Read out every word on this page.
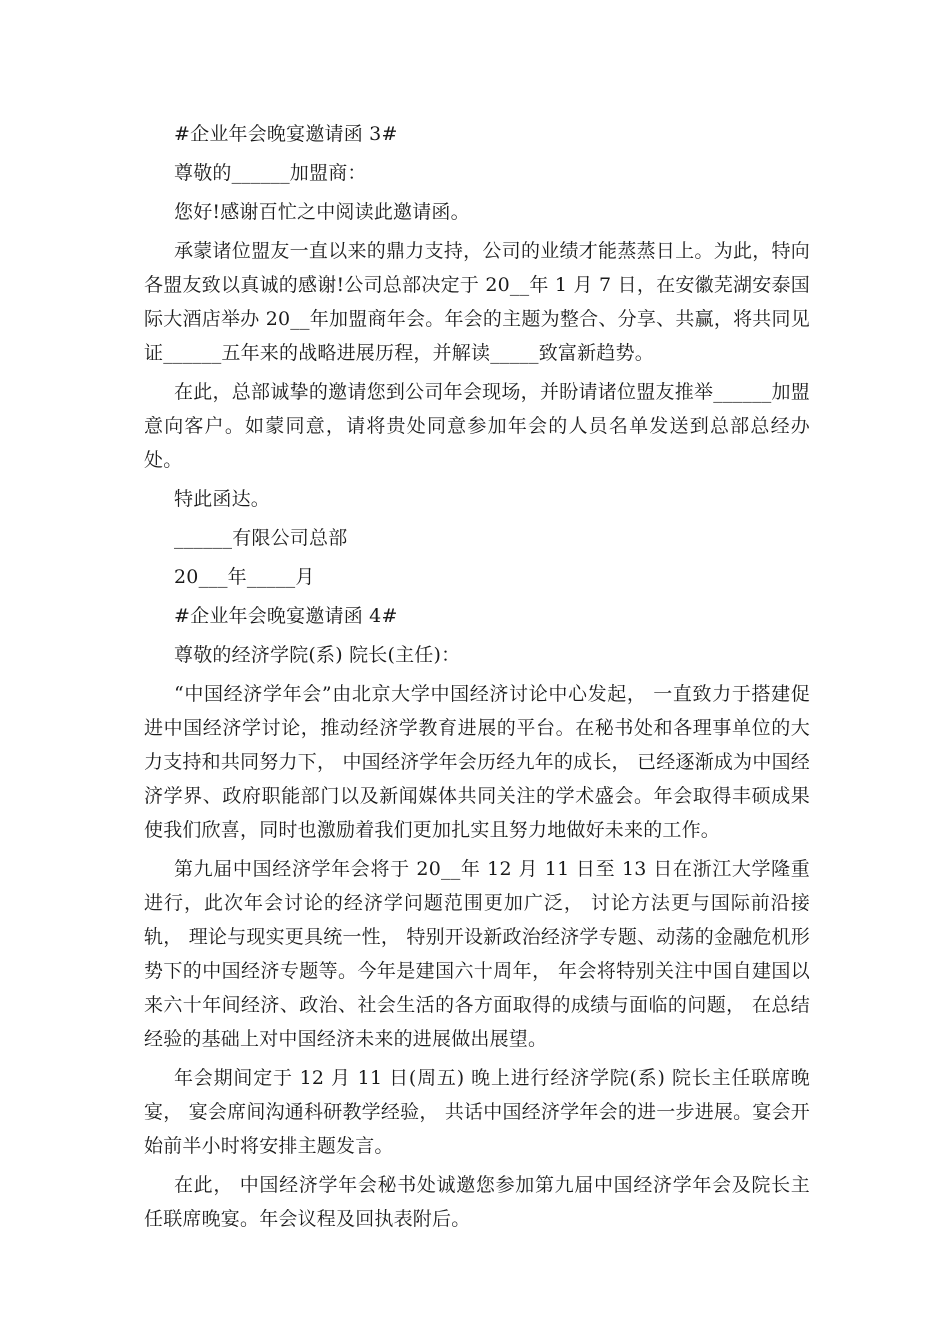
#企业年会晚宴邀请函 3#

尊敬的______加盟商：

您好!感谢百忙之中阅读此邀请函。

承蒙诸位盟友一直以来的鼎力支持，公司的业绩才能蒸蒸日上。为此，特向各盟友致以真诚的感谢!公司总部决定于 20__年 1 月 7 日，在安徽芜湖安泰国际大酒店举办 20__年加盟商年会。年会的主题为整合、分享、共赢，将共同见证______五年来的战略进展历程，并解读_____致富新趋势。

在此，总部诚挚的邀请您到公司年会现场，并盼请诸位盟友推举______加盟意向客户。如蒙同意，请将贵处同意参加年会的人员名单发送到总部总经办处。

特此函达。

______有限公司总部

20___年_____月

#企业年会晚宴邀请函 4#

尊敬的经济学院(系) 院长(主任)：

“中国经济学年会”由北京大学中国经济讨论中心发起， 一直致力于搭建促进中国经济学讨论，推动经济学教育进展的平台。在秘书处和各理事单位的大力支持和共同努力下， 中国经济学年会历经九年的成长， 已经逐渐成为中国经济学界、政府职能部门以及新闻媒体共同关注的学术盛会。年会取得丰硕成果使我们欣喜，同时也激励着我们更加扎实且努力地做好未来的工作。

第九届中国经济学年会将于 20__年 12 月 11 日至 13 日在浙江大学隆重进行，此次年会讨论的经济学问题范围更加广泛， 讨论方法更与国际前沿接轨， 理论与现实更具统一性， 特别开设新政治经济学专题、动荡的金融危机形势下的中国经济专题等。今年是建国六十周年， 年会将特别关注中国自建国以来六十年间经济、政治、社会生活的各方面取得的成绩与面临的问题， 在总结经验的基础上对中国经济未来的进展做出展望。

年会期间定于 12 月 11 日(周五) 晚上进行经济学院(系) 院长主任联席晚宴， 宴会席间沟通科研教学经验， 共话中国经济学年会的进一步进展。宴会开始前半小时将安排主题发言。

在此， 中国经济学年会秘书处诚邀您参加第九届中国经济学年会及院长主任联席晚宴。年会议程及回执表附后。
